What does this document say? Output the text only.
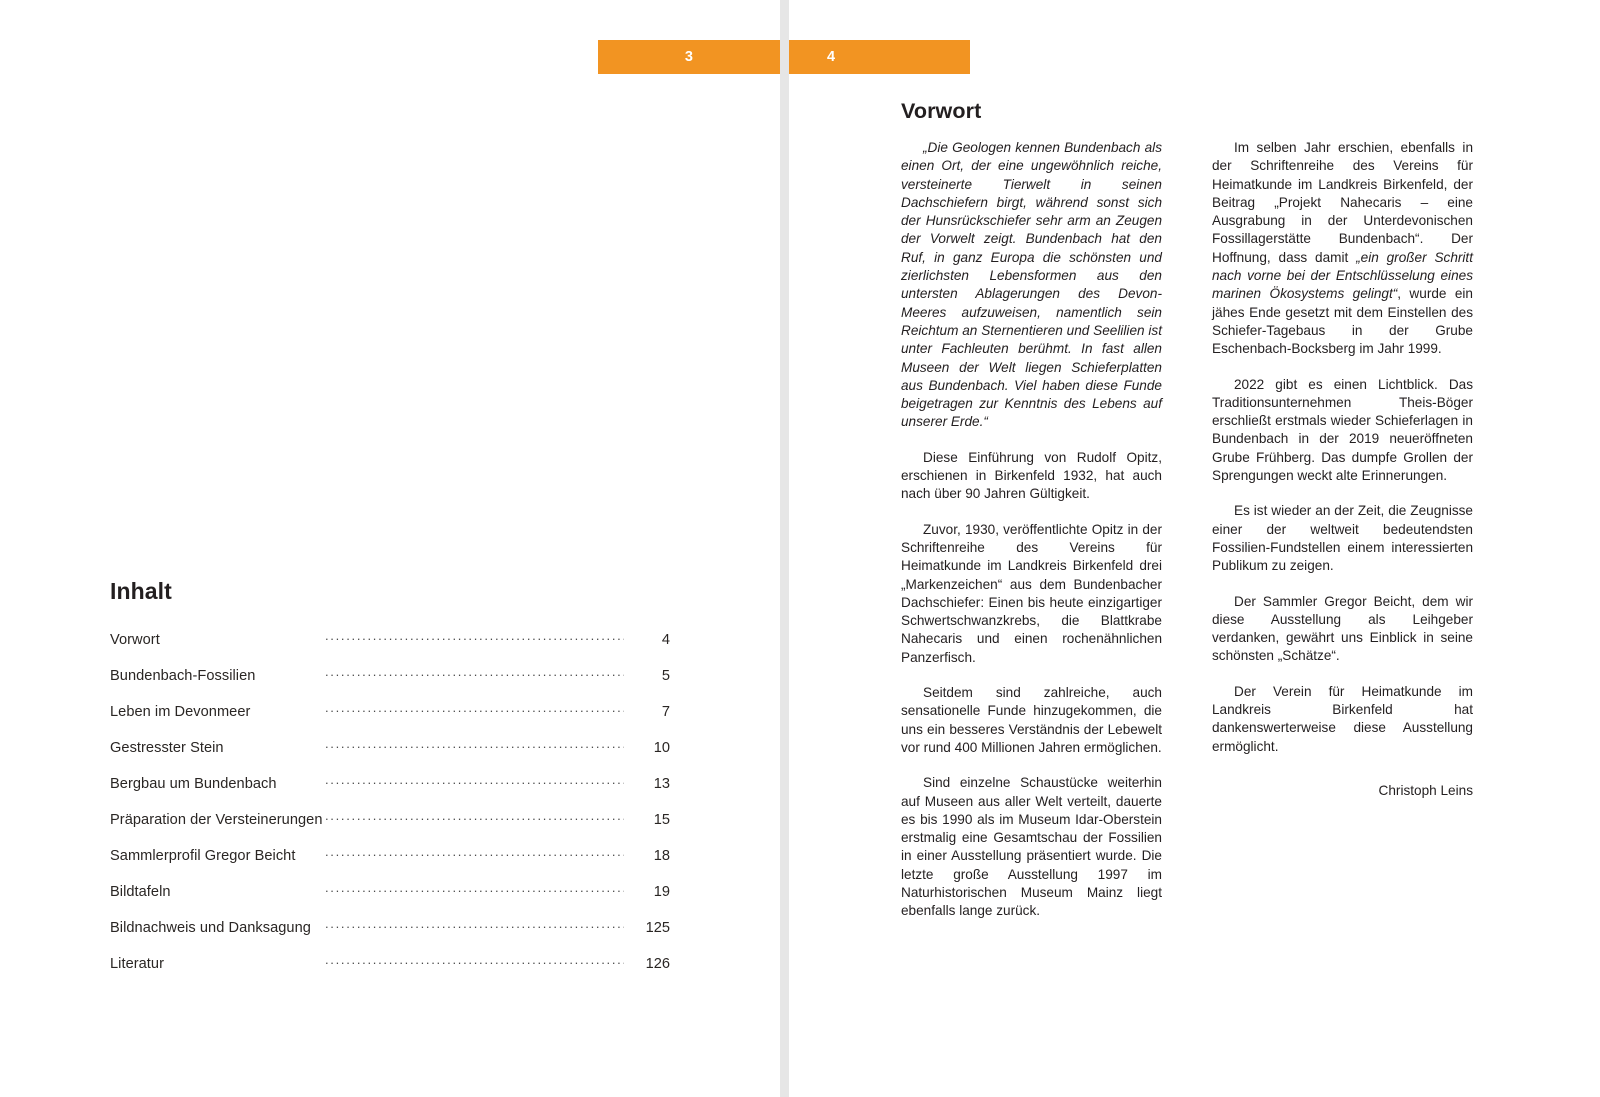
3	4
Inhalt
Vorwort .....	4
Bundenbach-Fossilien .....	5
Leben im Devonmeer .....	7
Gestresster Stein .....	10
Bergbau um Bundenbach .....	13
Präparation der Versteinerungen .....	15
Sammlerprofil Gregor Beicht .....	18
Bildtafeln .....	19
Bildnachweis und Danksagung .....	125
Literatur .....	126
Vorwort

„Die Geologen kennen Bundenbach als einen Ort, der eine ungewöhnlich reiche, versteinerte Tierwelt in seinen Dachschiefern birgt, während sonst sich der Hunsrückschiefer sehr arm an Zeugen der Vorwelt zeigt. Bundenbach hat den Ruf, in ganz Europa die schönsten und zierlichsten Lebensformen aus den untersten Ablagerungen des Devon-Meeres aufzuweisen, namentlich sein Reichtum an Sternentieren und Seelilien ist unter Fachleuten berühmt. In fast allen Museen der Welt liegen Schieferplatten aus Bundenbach. Viel haben diese Funde beigetragen zur Kenntnis des Lebens auf unserer Erde.“

Diese Einführung von Rudolf Opitz, erschienen in Birkenfeld 1932, hat auch nach über 90 Jahren Gültigkeit.

Zuvor, 1930, veröffentlichte Opitz in der Schriftenreihe des Vereins für Heimatkunde im Landkreis Birkenfeld drei „Markenzeichen“ aus dem Bundenbacher Dachschiefer: Einen bis heute einzigartiger Schwertschwanzkrebs, die Blattkrabe Nahecaris und einen rochenähnlichen Panzerfisch.

Seitdem sind zahlreiche, auch sensationelle Funde hinzugekommen, die uns ein besseres Verständnis der Lebewelt vor rund 400 Millionen Jahren ermöglichen.

Sind einzelne Schaustücke weiterhin auf Museen aus aller Welt verteilt, dauerte es bis 1990 als im Museum Idar-Oberstein erstmalig eine Gesamtschau der Fossilien in einer Ausstellung präsentiert wurde. Die letzte große Ausstellung 1997 im Naturhistorischen Museum Mainz liegt ebenfalls lange zurück.

Im selben Jahr erschien, ebenfalls in der Schriftenreihe des Vereins für Heimatkunde im Landkreis Birkenfeld, der Beitrag „Projekt Nahecaris – eine Ausgrabung in der Unterdevonischen Fossillagerstätte Bundenbach“. Der Hoffnung, dass damit „ein großer Schritt nach vorne bei der Entschlüsselung eines marinen Ökosystems gelingt“, wurde ein jähes Ende gesetzt mit dem Einstellen des Schiefer-Tagebaus in der Grube Eschenbach-Bocksberg im Jahr 1999.

2022 gibt es einen Lichtblick. Das Traditionsunternehmen Theis-Böger erschließt erstmals wieder Schieferlagen in Bundenbach in der 2019 neueröffneten Grube Frühberg. Das dumpfe Grollen der Sprengungen weckt alte Erinnerungen.

Es ist wieder an der Zeit, die Zeugnisse einer der weltweit bedeutendsten Fossilien-Fundstellen einem interessierten Publikum zu zeigen.

Der Sammler Gregor Beicht, dem wir diese Ausstellung als Leihgeber verdanken, gewährt uns Einblick in seine schönsten „Schätze“.

Der Verein für Heimatkunde im Landkreis Birkenfeld hat dankenswerterweise diese Ausstellung ermöglicht.

Christoph Leins
